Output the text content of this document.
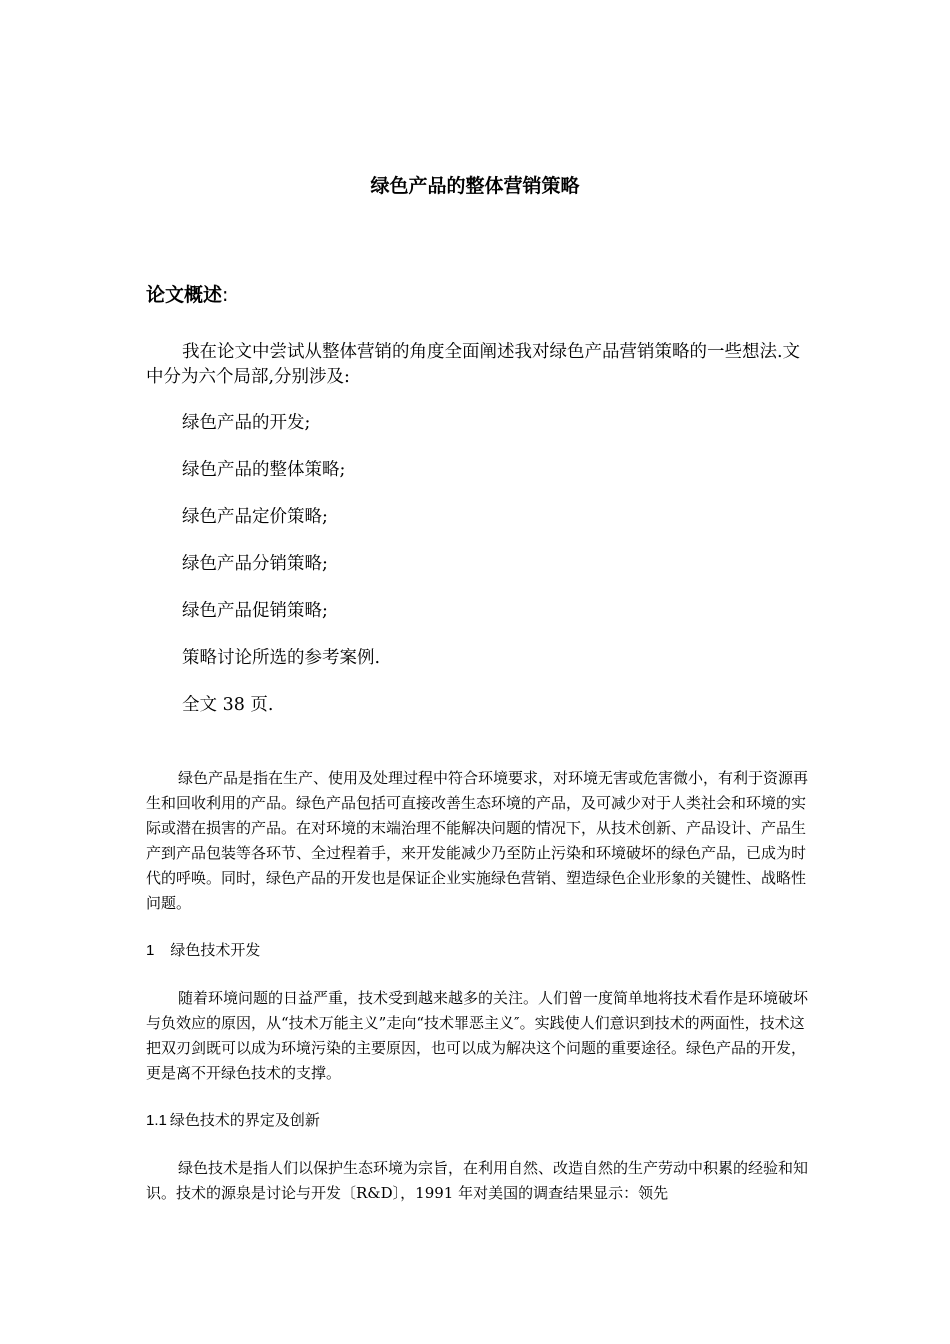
绿色产品的整体营销策略
论文概述:
我在论文中尝试从整体营销的角度全面阐述我对绿色产品营销策略的一些想法.文中分为六个局部,分别涉及:
绿色产品的开发;
绿色产品的整体策略;
绿色产品定价策略;
绿色产品分销策略;
绿色产品促销策略;
策略讨论所选的参考案例.
全文 38 页.
绿色产品是指在生产、使用及处理过程中符合环境要求，对环境无害或危害微小，有利于资源再生和回收利用的产品。绿色产品包括可直接改善生态环境的产品，及可减少对于人类社会和环境的实际或潜在损害的产品。在对环境的末端治理不能解决问题的情况下，从技术创新、产品设计、产品生产到产品包装等各环节、全过程着手，来开发能减少乃至防止污染和环境破坏的绿色产品，已成为时代的呼唤。同时，绿色产品的开发也是保证企业实施绿色营销、塑造绿色企业形象的关键性、战略性问题。
1 绿色技术开发
随着环境问题的日益严重，技术受到越来越多的关注。人们曾一度简单地将技术看作是环境破坏与负效应的原因，从“技术万能主义”走向“技术罪恶主义″。实践使人们意识到技术的两面性，技术这把双刃剑既可以成为环境污染的主要原因，也可以成为解决这个问题的重要途径。绿色产品的开发，更是离不开绿色技术的支撑。
1.1 绿色技术的界定及创新
绿色技术是指人们以保护生态环境为宗旨，在利用自然、改造自然的生产劳动中积累的经验和知识。技术的源泉是讨论与开发〔R&D〕，1991 年对美国的调查结果显示：领先
